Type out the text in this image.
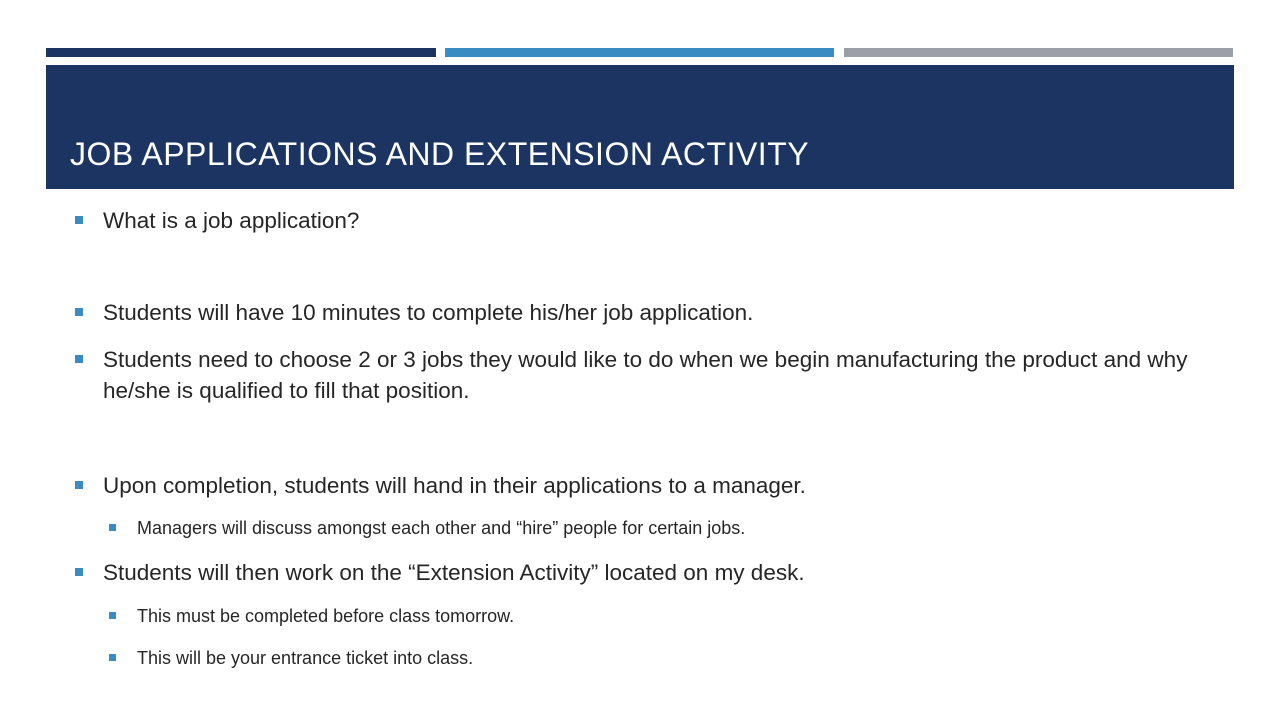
JOB APPLICATIONS AND EXTENSION ACTIVITY
What is a job application?
Students will have 10 minutes to complete his/her job application.
Students need to choose 2 or 3 jobs they would like to do when we begin manufacturing the product and why he/she is qualified to fill that position.
Upon completion, students will hand in their applications to a manager.
Managers will discuss amongst each other and “hire” people for certain jobs.
Students will then work on the “Extension Activity” located on my desk.
This must be completed before class tomorrow.
This will be your entrance ticket into class.
